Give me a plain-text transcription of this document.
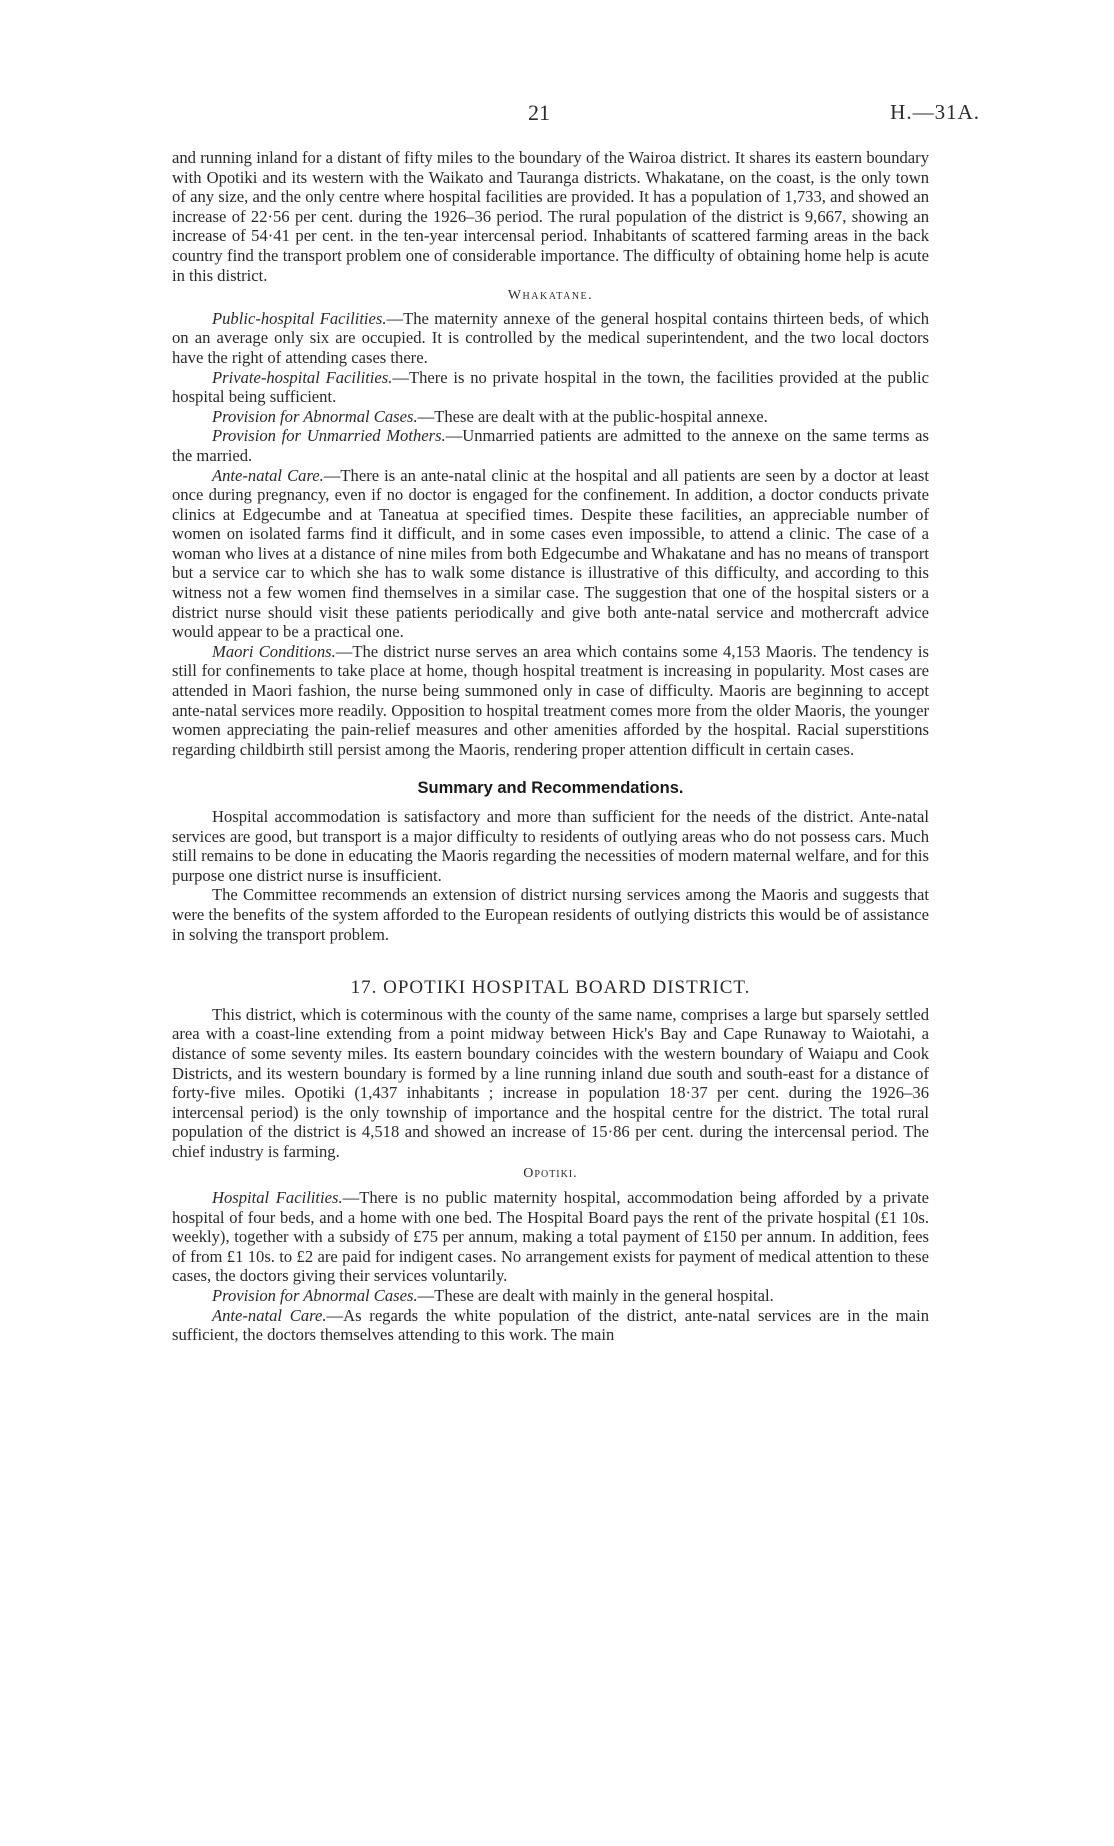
21	H.—31A.

and running inland for a distant of fifty miles to the boundary of the Wairoa district. It shares its eastern boundary with Opotiki and its western with the Waikato and Tauranga districts. Whakatane, on the coast, is the only town of any size, and the only centre where hospital facilities are provided. It has a population of 1,733, and showed an increase of 22·56 per cent. during the 1926–36 period. The rural population of the district is 9,667, showing an increase of 54·41 per cent. in the ten-year intercensal period. Inhabitants of scattered farming areas in the back country find the transport problem one of considerable importance. The difficulty of obtaining home help is acute in this district.

Whakatane.

Public-hospital Facilities.—The maternity annexe of the general hospital contains thirteen beds, of which on an average only six are occupied. It is controlled by the medical superintendent, and the two local doctors have the right of attending cases there.

Private-hospital Facilities.—There is no private hospital in the town, the facilities provided at the public hospital being sufficient.

Provision for Abnormal Cases.—These are dealt with at the public-hospital annexe.

Provision for Unmarried Mothers.—Unmarried patients are admitted to the annexe on the same terms as the married.

Ante-natal Care.—There is an ante-natal clinic at the hospital and all patients are seen by a doctor at least once during pregnancy, even if no doctor is engaged for the confinement. In addition, a doctor conducts private clinics at Edgecumbe and at Taneatua at specified times. Despite these facilities, an appreciable number of women on isolated farms find it difficult, and in some cases even impossible, to attend a clinic. The case of a woman who lives at a distance of nine miles from both Edgecumbe and Whakatane and has no means of transport but a service car to which she has to walk some distance is illustrative of this difficulty, and according to this witness not a few women find themselves in a similar case. The suggestion that one of the hospital sisters or a district nurse should visit these patients periodically and give both ante-natal service and mothercraft advice would appear to be a practical one.

Maori Conditions.—The district nurse serves an area which contains some 4,153 Maoris. The tendency is still for confinements to take place at home, though hospital treatment is increasing in popularity. Most cases are attended in Maori fashion, the nurse being summoned only in case of difficulty. Maoris are beginning to accept ante-natal services more readily. Opposition to hospital treatment comes more from the older Maoris, the younger women appreciating the pain-relief measures and other amenities afforded by the hospital. Racial superstitions regarding childbirth still persist among the Maoris, rendering proper attention difficult in certain cases.

Summary and Recommendations.

Hospital accommodation is satisfactory and more than sufficient for the needs of the district. Ante-natal services are good, but transport is a major difficulty to residents of outlying areas who do not possess cars. Much still remains to be done in educating the Maoris regarding the necessities of modern maternal welfare, and for this purpose one district nurse is insufficient.

The Committee recommends an extension of district nursing services among the Maoris and suggests that were the benefits of the system afforded to the European residents of outlying districts this would be of assistance in solving the transport problem.

17. OPOTIKI HOSPITAL BOARD DISTRICT.

This district, which is coterminous with the county of the same name, comprises a large but sparsely settled area with a coast-line extending from a point midway between Hick's Bay and Cape Runaway to Waiotahi, a distance of some seventy miles. Its eastern boundary coincides with the western boundary of Waiapu and Cook Districts, and its western boundary is formed by a line running inland due south and south-east for a distance of forty-five miles. Opotiki (1,437 inhabitants ; increase in population 18·37 per cent. during the 1926–36 intercensal period) is the only township of importance and the hospital centre for the district. The total rural population of the district is 4,518 and showed an increase of 15·86 per cent. during the intercensal period. The chief industry is farming.

Opotiki.

Hospital Facilities.—There is no public maternity hospital, accommodation being afforded by a private hospital of four beds, and a home with one bed. The Hospital Board pays the rent of the private hospital (£1 10s. weekly), together with a subsidy of £75 per annum, making a total payment of £150 per annum. In addition, fees of from £1 10s. to £2 are paid for indigent cases. No arrangement exists for payment of medical attention to these cases, the doctors giving their services voluntarily.

Provision for Abnormal Cases.—These are dealt with mainly in the general hospital.

Ante-natal Care.—As regards the white population of the district, ante-natal services are in the main sufficient, the doctors themselves attending to this work. The main
